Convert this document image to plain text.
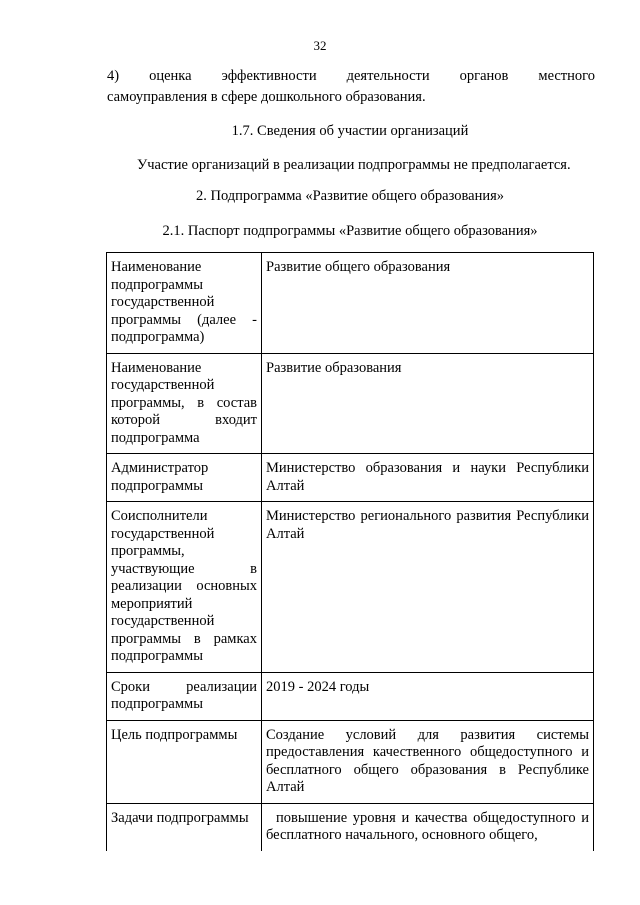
32
4) оценка эффективности деятельности органов местного
самоуправления в сфере дошкольного образования.
1.7. Сведения об участии организаций
Участие организаций в реализации подпрограммы не предполагается.
2. Подпрограмма «Развитие общего образования»
2.1. Паспорт подпрограммы «Развитие общего образования»
Наименование подпрограммы государственной программы (далее - подпрограмма)	Развитие общего образования
Наименование государственной программы, в состав которой входит подпрограмма	Развитие образования
Администратор подпрограммы	Министерство образования и науки Республики Алтай
Соисполнители государственной программы, участвующие в реализации основных мероприятий государственной программы в рамках подпрограммы	Министерство регионального развития Республики Алтай
Сроки реализации подпрограммы	2019 - 2024 годы
Цель подпрограммы	Создание условий для развития системы предоставления качественного общедоступного и бесплатного общего образования в Республике Алтай
Задачи подпрограммы	повышение уровня и качества общедоступного и бесплатного начального, основного общего,
